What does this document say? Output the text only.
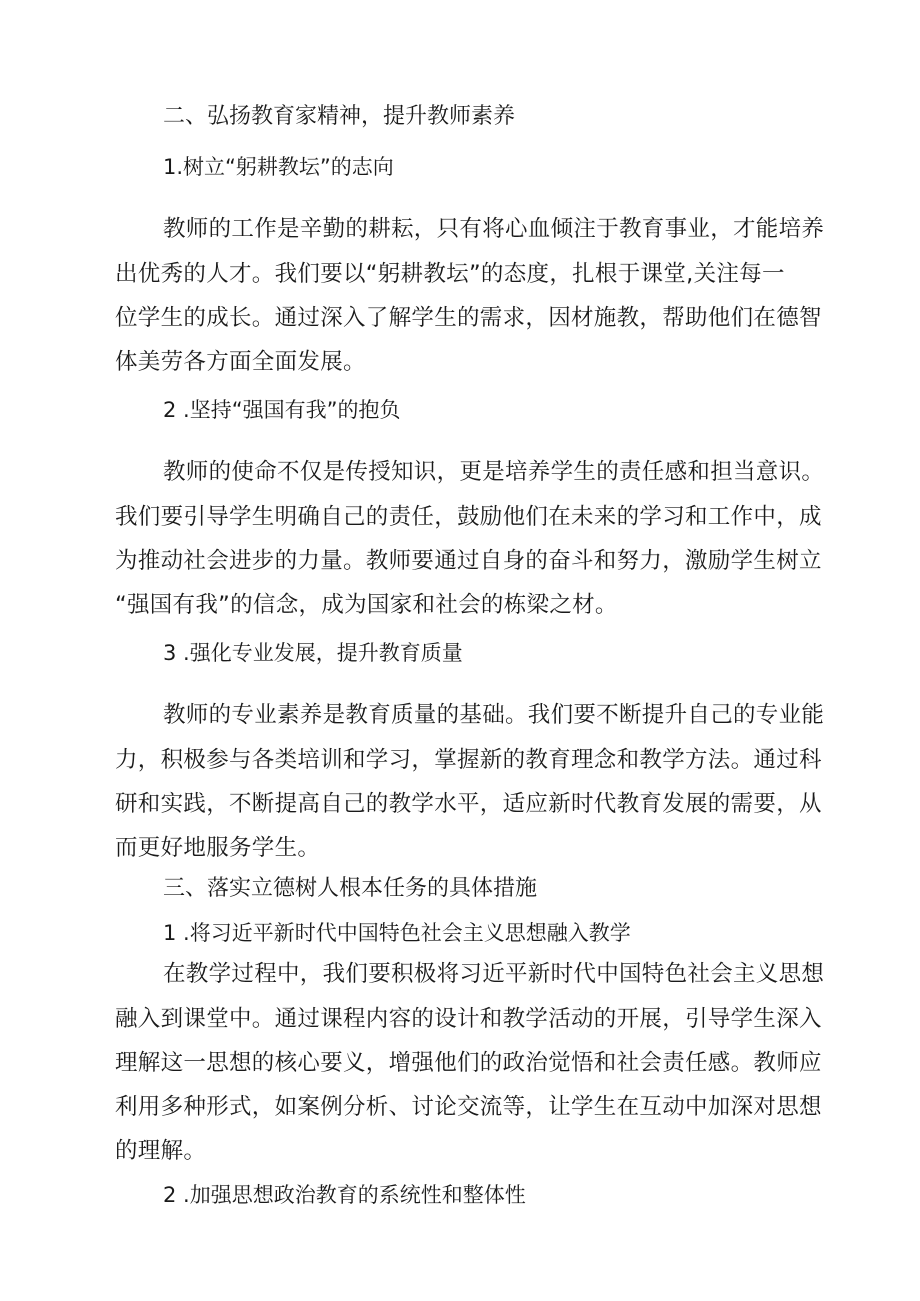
二、弘扬教育家精神，提升教师素养
1.树立“躬耕教坛”的志向
教师的工作是辛勤的耕耘，只有将心血倾注于教育事业，才能培养
出优秀的人才。我们要以“躬耕教坛”的态度，扎根于课堂,关注每一
位学生的成长。通过深入了解学生的需求，因材施教，帮助他们在德智
体美劳各方面全面发展。
2 .坚持“强国有我”的抱负
教师的使命不仅是传授知识，更是培养学生的责任感和担当意识。
我们要引导学生明确自己的责任，鼓励他们在未来的学习和工作中，成
为推动社会进步的力量。教师要通过自身的奋斗和努力，激励学生树立
“强国有我”的信念，成为国家和社会的栋梁之材。
3 .强化专业发展，提升教育质量
教师的专业素养是教育质量的基础。我们要不断提升自己的专业能
力，积极参与各类培训和学习，掌握新的教育理念和教学方法。通过科
研和实践，不断提高自己的教学水平，适应新时代教育发展的需要，从
而更好地服务学生。
三、落实立德树人根本任务的具体措施
1 .将习近平新时代中国特色社会主义思想融入教学
在教学过程中，我们要积极将习近平新时代中国特色社会主义思想
融入到课堂中。通过课程内容的设计和教学活动的开展，引导学生深入
理解这一思想的核心要义，增强他们的政治觉悟和社会责任感。教师应
利用多种形式，如案例分析、讨论交流等，让学生在互动中加深对思想
的理解。
2 .加强思想政治教育的系统性和整体性
